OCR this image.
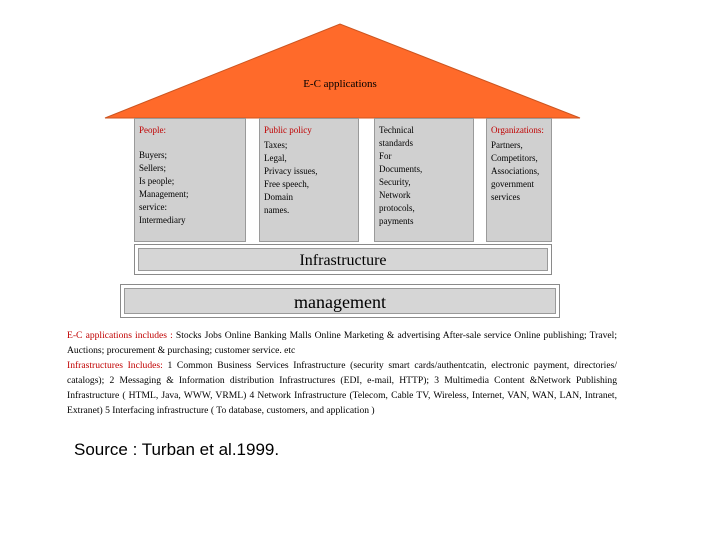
E-C applications
People:
Buyers;
Sellers;
Is people;
Management;
service:
Intermediary
Public policy
Taxes;
Legal,
Privacy issues,
Free speech,
Domain
names.
Technical
standards
For
Documents,
Security,
Network
protocols,
payments
Organizations:
Partners,
Competitors,
Associations,
government
services
Infrastructure
management
E-C applications includes : Stocks Jobs Online Banking Malls Online Marketing & advertising After-sale service Online publishing; Travel; Auctions; procurement & purchasing; customer service. etc
Infrastructures Includes: 1 Common Business Services Infrastructure (security smart cards/authentcatin, electronic payment, directories/ catalogs); 2 Messaging & Information distribution Infrastructures (EDI, e-mail, HTTP); 3 Multimedia Content &Network Publishing Infrastructure ( HTML, Java, WWW, VRML) 4 Network Infrastructure (Telecom, Cable TV, Wireless, Internet, VAN, WAN, LAN, Intranet, Extranet) 5 Interfacing infrastructure ( To database, customers, and application )
Source : Turban et al.1999.
